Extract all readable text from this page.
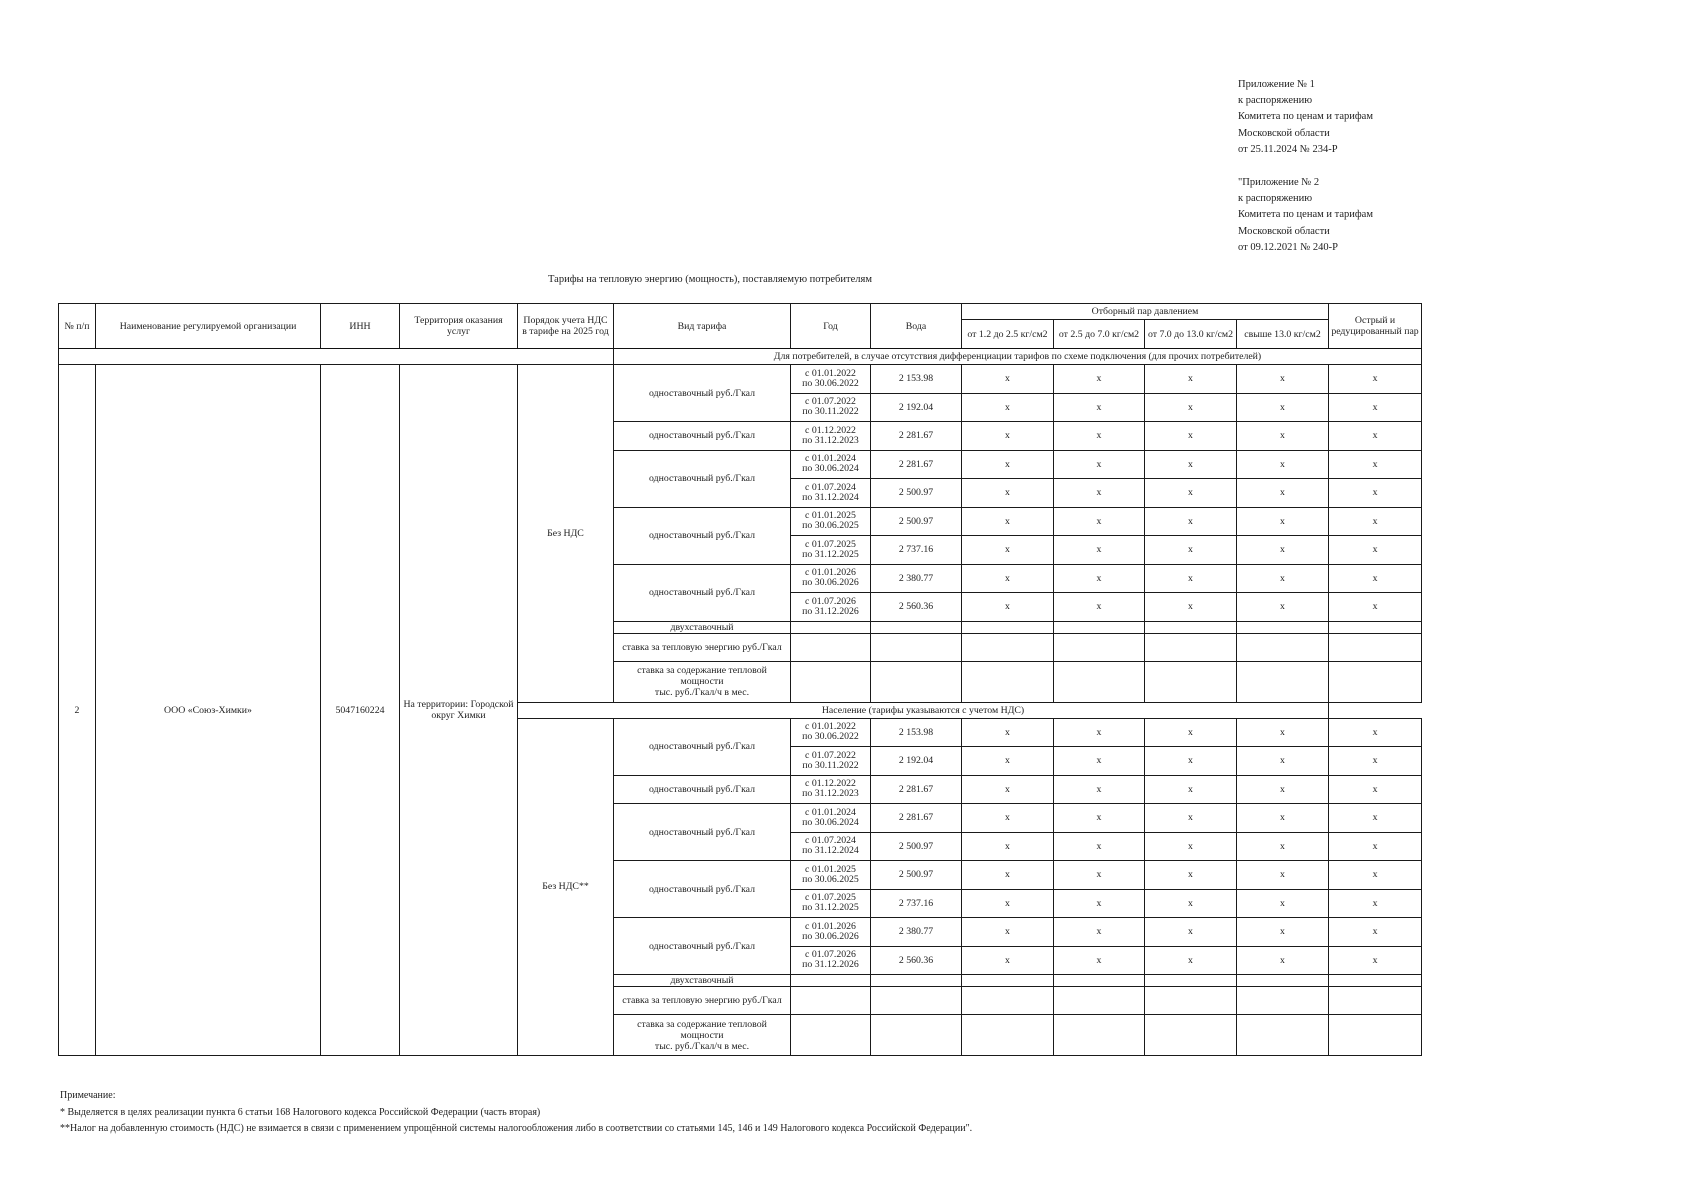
Приложение № 1
к распоряжению
Комитета по ценам и тарифам
Московской области
от 25.11.2024 № 234-Р
"Приложение № 2
к распоряжению
Комитета по ценам и тарифам
Московской области
от 09.12.2021 № 240-Р
Тарифы на тепловую энергию (мощность), поставляемую потребителям
№ п/п	Наименование регулируемой организации	ИНН	Территория оказания услуг	Порядок учета НДС в тарифе на 2025 год	Вид тарифа	Год	Вода	Отборный пар давлением				Острый и редуцированный пар
								от 1.2 до 2.5 кг/см2	от 2.5 до 7.0 кг/см2	от 7.0 до 13.0 кг/см2	свыше 13.0 кг/см2	
					Для потребителей, в случае отсутствия дифференциации тарифов по схеме подключения (для прочих потребителей)							
2	ООО «Союз-Химки»	5047160224	На территории: Городской округ Химки	Без НДС	одноставочный руб./Гкал	с 01.01.2022
по 30.06.2022	2 153.98	x	x	x	x	x

						с 01.07.2022
по 30.11.2022	2 192.04	x	x	x	x	x
					одноставочный руб./Гкал	с 01.12.2022
по 31.12.2023	2 281.67	x	x	x	x	x
					одноставочный руб./Гкал	с 01.01.2024
по 30.06.2024	2 281.67	x	x	x	x	x

						с 01.07.2024
по 31.12.2024	2 500.97	x	x	x	x	x
					одноставочный руб./Гкал	с 01.01.2025
по 30.06.2025	2 500.97	x	x	x	x	x

						с 01.07.2025
по 31.12.2025	2 737.16	x	x	x	x	x
					одноставочный руб./Гкал	с 01.01.2026
по 30.06.2026	2 380.77	x	x	x	x	x

						с 01.07.2026
по 31.12.2026	2 560.36	x	x	x	x	x
					двухставочный							
					ставка за тепловую энергию руб./Гкал							

					ставка за содержание тепловой
мощности
тыс. руб./Гкал/ч в мес.							

				Население (тарифы указываются с учетом НДС)								
				Без НДС**	одноставочный руб./Гкал	с 01.01.2022
по 30.06.2022	2 153.98	x	x	x	x	x

						с 01.07.2022
по 30.11.2022	2 192.04	x	x	x	x	x
					одноставочный руб./Гкал	с 01.12.2022
по 31.12.2023	2 281.67	x	x	x	x	x
					одноставочный руб./Гкал	с 01.01.2024
по 30.06.2024	2 281.67	x	x	x	x	x

						с 01.07.2024
по 31.12.2024	2 500.97	x	x	x	x	x
					одноставочный руб./Гкал	с 01.01.2025
по 30.06.2025	2 500.97	x	x	x	x	x

						с 01.07.2025
по 31.12.2025	2 737.16	x	x	x	x	x
					одноставочный руб./Гкал	с 01.01.2026
по 30.06.2026	2 380.77	x	x	x	x	x

						с 01.07.2026
по 31.12.2026	2 560.36	x	x	x	x	x
					двухставочный							
					ставка за тепловую энергию руб./Гкал							

					ставка за содержание тепловой
мощности
тыс. руб./Гкал/ч в мес.							

Примечание:
* Выделяется в целях реализации пункта 6 статьи 168 Налогового кодекса Российской Федерации (часть вторая)
**Налог на добавленную стоимость (НДС) не взимается в связи с применением упрощённой системы налогообложения либо в соответствии со статьями 145, 146 и 149 Налогового кодекса Российской Федерации".
